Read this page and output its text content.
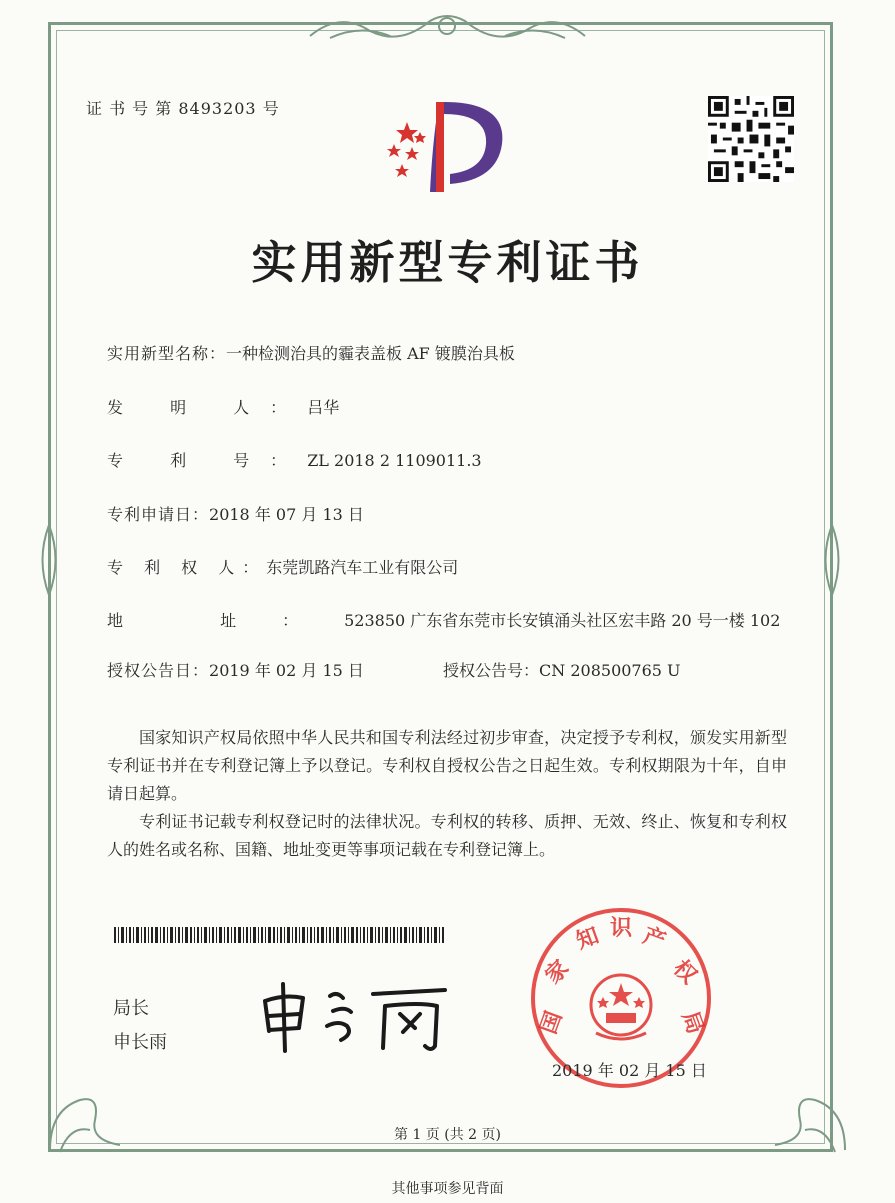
证 书 号 第 8493203 号
实用新型专利证书
实用新型名称：一种检测治具的霾表盖板 AF 镀膜治具板
发 明 人：吕华
专 利 号：ZL 2018 2 1109011.3
专利申请日：2018 年 07 月 13 日
专 利 权 人：东莞凯路汽车工业有限公司
地 址：523850 广东省东莞市长安镇涌头社区宏丰路 20 号一楼 102
授权公告日：2019 年 02 月 15 日	授权公告号：CN 208500765 U

国家知识产权局依照中华人民共和国专利法经过初步审查，决定授予专利权，颁发实用新型专利证书并在专利登记簿上予以登记。专利权自授权公告之日起生效。专利权期限为十年，自申请日起算。

专利证书记载专利权登记时的法律状况。专利权的转移、质押、无效、终止、恢复和专利权人的姓名或名称、国籍、地址变更等事项记载在专利登记簿上。

局长
申长雨
国
家
知 识 产
权
局
2019 年 02 月 15 日
第 1 页 (共 2 页)
其他事项参见背面
